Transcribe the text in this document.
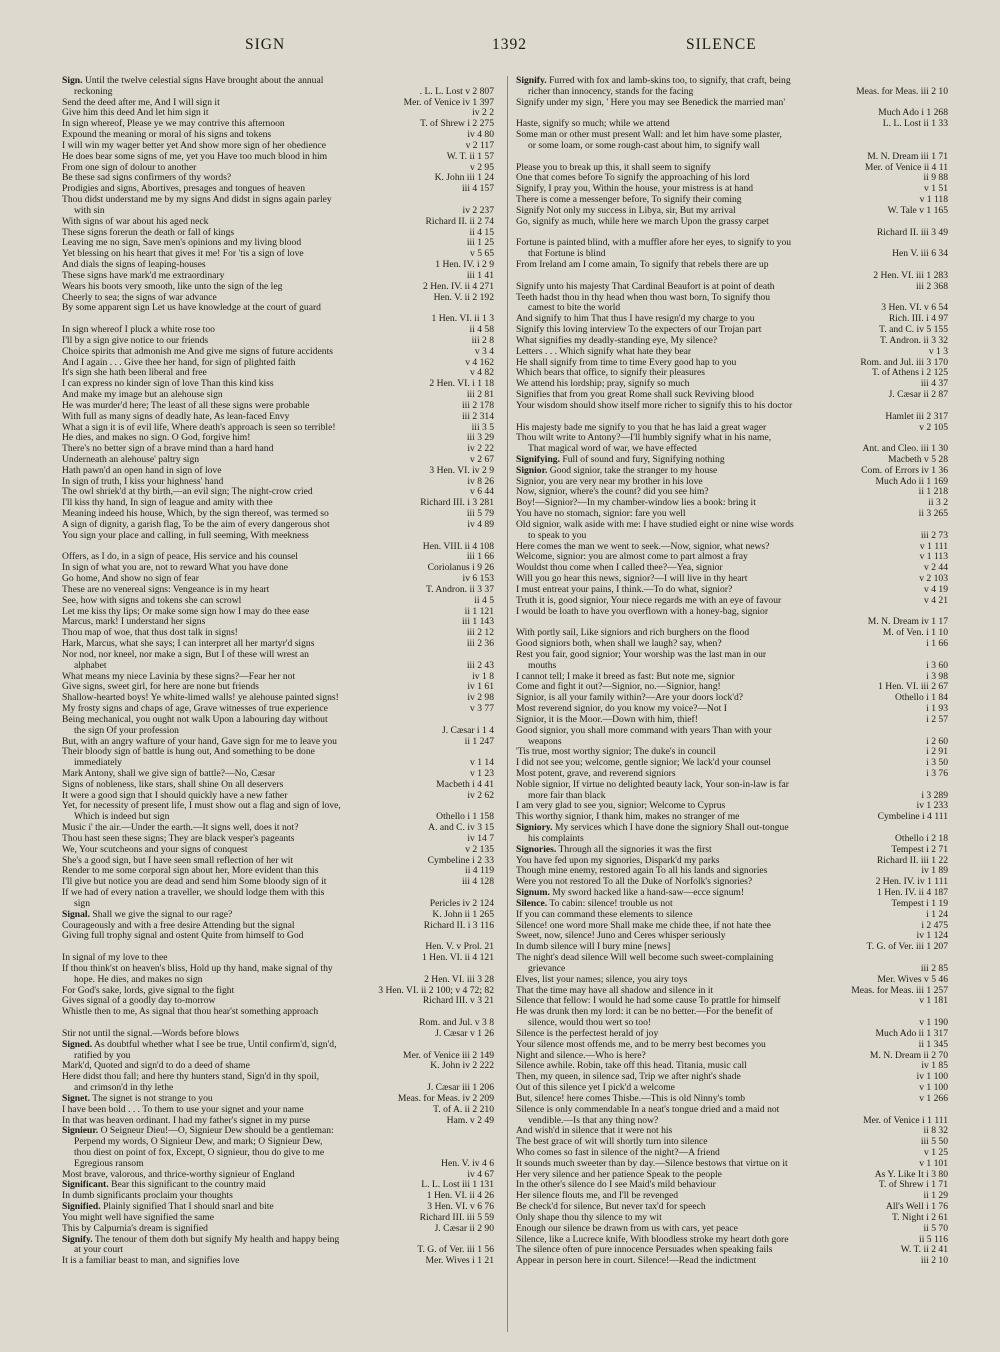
SIGN	1392	SILENCE
Sign. Until the twelve celestial signs Have brought about the annual
reckoning	. L. L. Lost v 2 807
Send the deed after me, And I will sign it	Mer. of Venice iv 1 397
Give him this deed And let him sign it	iv 2 2
In sign whereof, Please ye we may contrive this afternoon	T. of Shrew i 2 275
Expound the meaning or moral of his signs and tokens	iv 4 80
I will win my wager better yet And show more sign of her obedience	v 2 117
He does bear some signs of me, yet you Have too much blood in him	W. T. ii 1 57
From one sign of dolour to another	v 2 95
Be these sad signs confirmers of thy words?	K. John iii 1 24
Prodigies and signs, Abortives, presages and tongues of heaven	iii 4 157
Thou didst understand me by my signs And didst in signs again parley
with sin	iv 2 237
With signs of war about his aged neck	Richard II. ii 2 74
These signs forerun the death or fall of kings	ii 4 15
Leaving me no sign, Save men's opinions and my living blood	iii 1 25
Yet blessing on his heart that gives it me! For 'tis a sign of love	v 5 65
And dials the signs of leaping-houses	1 Hen. IV. i 2 9
These signs have mark'd me extraordinary	iii 1 41
Wears his boots very smooth, like unto the sign of the leg	2 Hen. IV. ii 4 271
Cheerly to sea; the signs of war advance	Hen. V. ii 2 192
By some apparent sign Let us have knowledge at the court of guard
1 Hen. VI. ii 1 3
In sign whereof I pluck a white rose too	ii 4 58
I'll by a sign give notice to our friends	iii 2 8
Choice spirits that admonish me And give me signs of future accidents	v 3 4
And I again . . . Give thee her hand, for sign of plighted faith	v 4 162
It's sign she hath been liberal and free	v 4 82
I can express no kinder sign of love Than this kind kiss	2 Hen. VI. i 1 18
And make my image but an alehouse sign	iii 2 81
He was murder'd here; The least of all these signs were probable	iii 2 178
With full as many signs of deadly hate, As lean-faced Envy	iii 2 314
What a sign it is of evil life, Where death's approach is seen so terrible!	iii 3 5
He dies, and makes no sign. O God, forgive him!	iii 3 29
There's no better sign of a brave mind than a hard hand	iv 2 22
Underneath an alehouse' paltry sign	v 2 67
Hath pawn'd an open hand in sign of love	3 Hen. VI. iv 2 9
In sign of truth, I kiss your highness' hand	iv 8 26
The owl shriek'd at thy birth,—an evil sign; The night-crow cried	v 6 44
I'll kiss thy hand, In sign of league and amity with thee	Richard III. i 3 281
Meaning indeed his house, Which, by the sign thereof, was termed so	iii 5 79
A sign of dignity, a garish flag, To be the aim of every dangerous shot	iv 4 89
You sign your place and calling, in full seeming, With meekness
Hen. VIII. ii 4 108
Offers, as I do, in a sign of peace, His service and his counsel	iii 1 66
In sign of what you are, not to reward What you have done	Coriolanus i 9 26
Go home, And show no sign of fear	iv 6 153
These are no venereal signs: Vengeance is in my heart	T. Andron. ii 3 37
See, how with signs and tokens she can scrowl	ii 4 5
Let me kiss thy lips; Or make some sign how I may do thee ease	ii 1 121
Marcus, mark! I understand her signs	iii 1 143
Thou map of woe, that thus dost talk in signs!	iii 2 12
Hark, Marcus, what she says; I can interpret all her martyr'd signs	iii 2 36
Nor nod, nor kneel, nor make a sign, But I of these will wrest an
alphabet	iii 2 43
What means my niece Lavinia by these signs?—Fear her not	iv 1 8
Give signs, sweet girl, for here are none but friends	iv 1 61
Shallow-hearted boys! Ye white-limed walls! ye alehouse painted signs!	iv 2 98
My frosty signs and chaps of age, Grave witnesses of true experience	v 3 77
Being mechanical, you ought not walk Upon a labouring day without
the sign Of your profession	J. Cæsar i 1 4
But, with an angry wafture of your hand, Gave sign for me to leave you	ii 1 247
Their bloody sign of battle is hung out, And something to be done
immediately	v 1 14
Mark Antony, shall we give sign of battle?—No, Cæsar	v 1 23
Signs of nobleness, like stars, shall shine On all deservers	Macbeth i 4 41
It were a good sign that I should quickly have a new father	iv 2 62
Yet, for necessity of present life, I must show out a flag and sign of love,
Which is indeed but sign	Othello i 1 158
Music i' the air.—Under the earth.—It signs well, does it not?	A. and C. iv 3 15
Thou hast seen these signs; They are black vesper's pageants	iv 14 7
We, Your scutcheons and your signs of conquest	v 2 135
She's a good sign, but I have seen small reflection of her wit	Cymbeline i 2 33
Render to me some corporal sign about her, More evident than this	ii 4 119
I'll give but notice you are dead and send him Some bloody sign of it	iii 4 128
If we had of every nation a traveller, we should lodge them with this
sign	Pericles iv 2 124
Signal. Shall we give the signal to our rage?	K. John ii 1 265
Courageously and with a free desire Attending but the signal	Richard II. i 3 116
Giving full trophy signal and ostent Quite from himself to God
Hen. V. v Prol. 21
In signal of my love to thee	1 Hen. VI. ii 4 121
If thou think'st on heaven's bliss, Hold up thy hand, make signal of thy
hope. He dies, and makes no sign	2 Hen. VI. iii 3 28
For God's sake, lords, give signal to the fight	3 Hen. VI. ii 2 100; v 4 72; 82
Gives signal of a goodly day to-morrow	Richard III. v 3 21
Whistle then to me, As signal that thou hear'st something approach
Rom. and Jul. v 3 8
Stir not until the signal.—Words before blows	J. Cæsar v 1 26
Signed. As doubtful whether what I see be true, Until confirm'd, sign'd,
ratified by you	Mer. of Venice iii 2 149
Mark'd, Quoted and sign'd to do a deed of shame	K. John iv 2 222
Here didst thou fall; and here thy hunters stand, Sign'd in thy spoil,
and crimson'd in thy lethe	J. Cæsar iii 1 206
Signet. The signet is not strange to you	Meas. for Meas. iv 2 209
I have been bold . . . To them to use your signet and your name	T. of A. ii 2 210
In that was heaven ordinant. I had my father's signet in my purse	Ham. v 2 49
Signieur. O Seigneur Dieu!—O, Signieur Dew should be a gentleman:
Perpend my words, O Signieur Dew, and mark; O Signieur Dew,
thou diest on point of fox, Except, O signieur, thou do give to me
Egregious ransom	Hen. V. iv 4 6
Most brave, valorous, and thrice-worthy signieur of England	iv 4 67
Significant. Bear this significant to the country maid	L. L. Lost iii 1 131
In dumb significants proclaim your thoughts	1 Hen. VI. ii 4 26
Signified. Plainly signified That I should snarl and bite	3 Hen. VI. v 6 76
You might well have signified the same	Richard III. iii 5 59
This by Calpurnia's dream is signified	J. Cæsar ii 2 90
Signify. The tenour of them doth but signify My health and happy being
at your court	T. G. of Ver. iii 1 56
It is a familiar beast to man, and signifies love	Mer. Wives i 1 21
Signify. Furred with fox and lamb-skins too, to signify, that craft, being
richer than innocency, stands for the facing	Meas. for Meas. iii 2 10
Signify under my sign, ' Here you may see Benedick the married man'
Much Ado i 1 268
Haste, signify so much; while we attend	L. L. Lost ii 1 33
Some man or other must present Wall: and let him have some plaster,
or some loam, or some rough-cast about him, to signify wall
M. N. Dream iii 1 71
Please you to break up this, it shall seem to signify	Mer. of Venice ii 4 11
One that comes before To signify the approaching of his lord	ii 9 88
Signify, I pray you, Within the house, your mistress is at hand	v 1 51
There is come a messenger before, To signify their coming	v 1 118
Signify Not only my success in Libya, sir, But my arrival	W. Tale v 1 165
Go, signify as much, while here we march Upon the grassy carpet
Richard II. iii 3 49
Fortune is painted blind, with a muffler afore her eyes, to signify to you
that Fortune is blind	Hen V. iii 6 34
From Ireland am I come amain, To signify that rebels there are up
2 Hen. VI. iii 1 283
Signify unto his majesty That Cardinal Beaufort is at point of death	iii 2 368
Teeth hadst thou in thy head when thou wast born, To signify thou
camest to bite the world	3 Hen. VI. v 6 54
And signify to him That thus I have resign'd my charge to you	Rich. III. i 4 97
Signify this loving interview To the expecters of our Trojan part	T. and C. iv 5 155
What signifies my deadly-standing eye, My silence?	T. Andron. ii 3 32
Letters . . . Which signify what hate they bear	v 1 3
He shall signify from time to time Every good hap to you	Rom. and Jul. iii 3 170
Which bears that office, to signify their pleasures	T. of Athens i 2 125
We attend his lordship; pray, signify so much	iii 4 37
Signifies that from you great Rome shall suck Reviving blood	J. Cæsar ii 2 87
Your wisdom should show itself more richer to signify this to his doctor
Hamlet iii 2 317
His majesty bade me signify to you that he has laid a great wager	v 2 105
Thou wilt write to Antony?—I'll humbly signify what in his name,
That magical word of war, we have effected	Ant. and Cleo. iii 1 30
Signifying. Full of sound and fury, Signifying nothing	Macbeth v 5 28
Signior. Good signior, take the stranger to my house	Com. of Errors iv 1 36
Signior, you are very near my brother in his love	Much Ado ii 1 169
Now, signior, where's the count? did you see him?	ii 1 218
Boy!—Signior?—In my chamber-window lies a book: bring it	ii 3 2
You have no stomach, signior: fare you well	ii 3 265
Old signior, walk aside with me: I have studied eight or nine wise words
to speak to you	iii 2 73
Here comes the man we went to seek.—Now, signior, what news?	v 1 111
Welcome, signior: you are almost come to part almost a fray	v 1 113
Wouldst thou come when I called thee?—Yea, signior	v 2 44
Will you go hear this news, signior?—I will live in thy heart	v 2 103
I must entreat your pains, I think.—To do what, signior?	v 4 19
Truth it is, good signior, Your niece regards me with an eye of favour	v 4 21
I would be loath to have you overflown with a honey-bag, signior
M. N. Dream iv 1 17
With portly sail, Like signiors and rich burghers on the flood	M. of Ven. i 1 10
Good signiors both, when shall we laugh? say, when?	i 1 66
Rest you fair, good signior; Your worship was the last man in our
mouths	i 3 60
I cannot tell; I make it breed as fast: But note me, signior	i 3 98
Come and fight it out?—Signior, no.—Signior, hang!	1 Hen. VI. iii 2 67
Signior, is all your family within?—Are your doors lock'd?	Othello i 1 84
Most reverend signior, do you know my voice?—Not I	i 1 93
Signior, it is the Moor.—Down with him, thief!	i 2 57
Good signior, you shall more command with years Than with your
weapons	i 2 60
'Tis true, most worthy signior; The duke's in council	i 2 91
I did not see you; welcome, gentle signior; We lack'd your counsel	i 3 50
Most potent, grave, and reverend signiors	i 3 76
Noble signior, If virtue no delighted beauty lack, Your son-in-law is far
more fair than black	i 3 289
I am very glad to see you, signior; Welcome to Cyprus	iv 1 233
This worthy signior, I thank him, makes no stranger of me	Cymbeline i 4 111
Signiory. My services which I have done the signiory Shall out-tongue
his complaints	Othello i 2 18
Signories. Through all the signories it was the first	Tempest i 2 71
You have fed upon my signories, Dispark'd my parks	Richard II. iii 1 22
Though mine enemy, restored again To all his lands and signories	iv 1 89
Were you not restored To all the Duke of Norfolk's signories?	2 Hen. IV. iv 1 111
Signum. My sword hacked like a hand-saw—ecce signum!	1 Hen. IV. ii 4 187
Silence. To cabin: silence! trouble us not	Tempest i 1 19
If you can command these elements to silence	i 1 24
Silence! one word more Shall make me chide thee, if not hate thee	i 2 475
Sweet, now, silence! Juno and Ceres whisper seriously	iv 1 124
In dumb silence will I bury mine [news]	T. G. of Ver. iii 1 207
The night's dead silence Will well become such sweet-complaining
grievance	iii 2 85
Elves, list your names; silence, you airy toys	Mer. Wives v 5 46
That the time may have all shadow and silence in it	Meas. for Meas. iii 1 257
Silence that fellow: I would he had some cause To prattle for himself	v 1 181
He was drunk then my lord: it can be no better.—For the benefit of
silence, would thou wert so too!	v 1 190
Silence is the perfectest herald of joy	Much Ado ii 1 317
Your silence most offends me, and to be merry best becomes you	ii 1 345
Night and silence.—Who is here?	M. N. Dream ii 2 70
Silence awhile. Robin, take off this head. Titania, music call	iv 1 85
Then, my queen, in silence sad, Trip we after night's shade	iv 1 100
Out of this silence yet I pick'd a welcome	v 1 100
But, silence! here comes Thisbe.—This is old Ninny's tomb	v 1 266
Silence is only commendable In a neat's tongue dried and a maid not
vendible.—Is that any thing now?	Mer. of Venice i 1 111
And wish'd in silence that it were not his	ii 8 32
The best grace of wit will shortly turn into silence	iii 5 50
Who comes so fast in silence of the night?—A friend	v 1 25
It sounds much sweeter than by day.—Silence bestows that virtue on it	v 1 101
Her very silence and her patience Speak to the people	As Y. Like It i 3 80
In the other's silence do I see Maid's mild behaviour	T. of Shrew i 1 71
Her silence flouts me, and I'll be revenged	ii 1 29
Be check'd for silence, But never tax'd for speech	All's Well i 1 76
Only shape thou thy silence to my wit	T. Night i 2 61
Enough our silence be drawn from us with cars, yet peace	ii 5 70
Silence, like a Lucrece knife, With bloodless stroke my heart doth gore	ii 5 116
The silence often of pure innocence Persuades when speaking fails	W. T. ii 2 41
Appear in person here in court. Silence!—Read the indictment	iii 2 10
